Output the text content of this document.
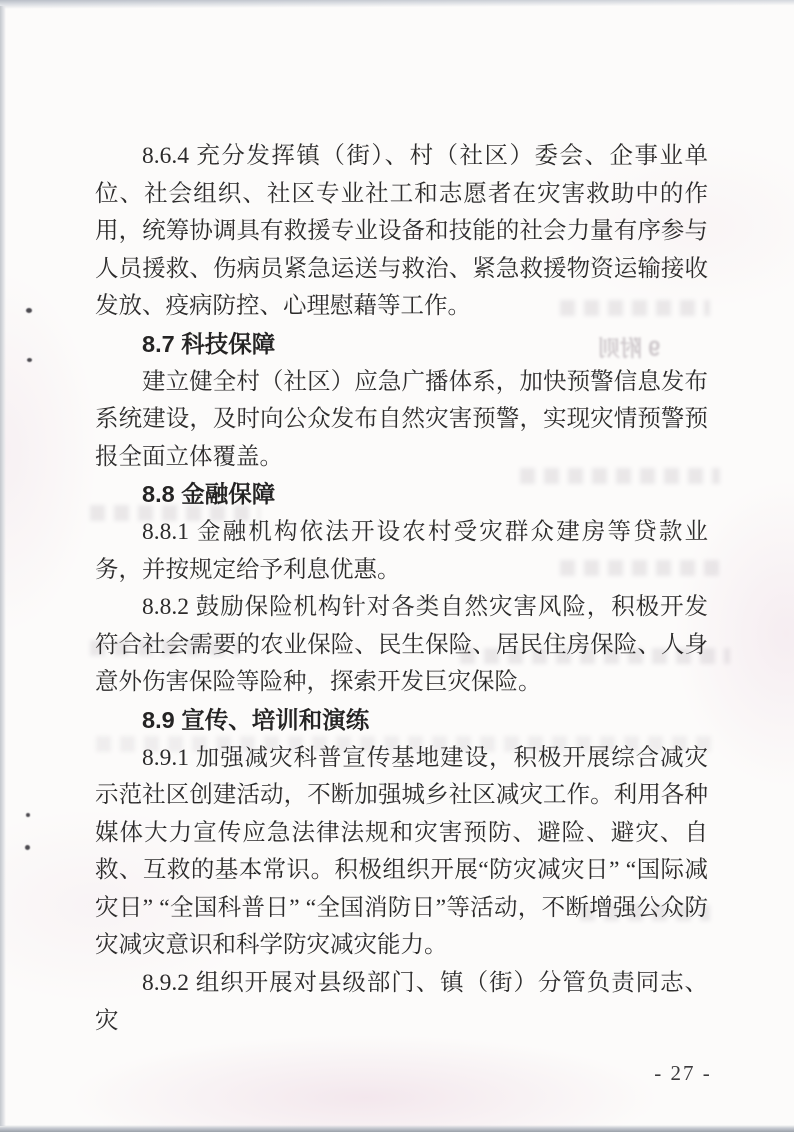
9 附则

8.6.4 充分发挥镇（街）、村（社区）委会、企事业单位、社会组织、社区专业社工和志愿者在灾害救助中的作用，统筹协调具有救援专业设备和技能的社会力量有序参与人员援救、伤病员紧急运送与救治、紧急救援物资运输接收发放、疫病防控、心理慰藉等工作。

8.7 科技保障

建立健全村（社区）应急广播体系，加快预警信息发布系统建设，及时向公众发布自然灾害预警，实现灾情预警预报全面立体覆盖。

8.8 金融保障

8.8.1 金融机构依法开设农村受灾群众建房等贷款业务，并按规定给予利息优惠。

8.8.2 鼓励保险机构针对各类自然灾害风险，积极开发符合社会需要的农业保险、民生保险、居民住房保险、人身意外伤害保险等险种，探索开发巨灾保险。

8.9 宣传、培训和演练

8.9.1 加强减灾科普宣传基地建设，积极开展综合减灾示范社区创建活动，不断加强城乡社区减灾工作。利用各种媒体大力宣传应急法律法规和灾害预防、避险、避灾、自救、互救的基本常识。积极组织开展“防灾减灾日” “国际减灾日” “全国科普日” “全国消防日”等活动，不断增强公众防灾减灾意识和科学防灾减灾能力。

8.9.2 组织开展对县级部门、镇（街）分管负责同志、灾

- 27 -
